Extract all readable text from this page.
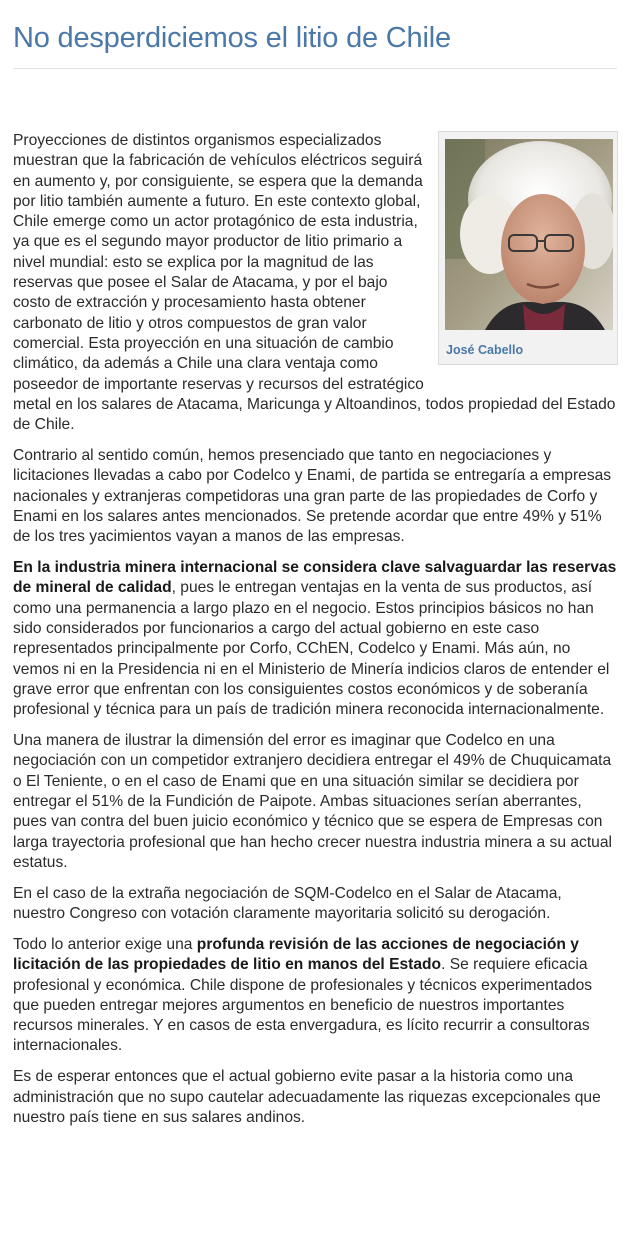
No desperdiciemos el litio de Chile
José Cabello

Proyecciones de distintos organismos especializados muestran que la fabricación de vehículos eléctricos seguirá en aumento y, por consiguiente, se espera que la demanda por litio también aumente a futuro. En este contexto global, Chile emerge como un actor protagónico de esta industria, ya que es el segundo mayor productor de litio primario a nivel mundial: esto se explica por la magnitud de las reservas que posee el Salar de Atacama, y por el bajo costo de extracción y procesamiento hasta obtener carbonato de litio y otros compuestos de gran valor comercial. Esta proyección en una situación de cambio climático, da además a Chile una clara ventaja como poseedor de importante reservas y recursos del estratégico metal en los salares de Atacama, Maricunga y Altoandinos, todos propiedad del Estado de Chile.

Contrario al sentido común, hemos presenciado que tanto en negociaciones y licitaciones llevadas a cabo por Codelco y Enami, de partida se entregaría a empresas nacionales y extranjeras competidoras una gran parte de las propiedades de Corfo y Enami en los salares antes mencionados. Se pretende acordar que entre 49% y 51% de los tres yacimientos vayan a manos de las empresas.

En la industria minera internacional se considera clave salvaguardar las reservas de mineral de calidad, pues le entregan ventajas en la venta de sus productos, así como una permanencia a largo plazo en el negocio. Estos principios básicos no han sido considerados por funcionarios a cargo del actual gobierno en este caso representados principalmente por Corfo, CChEN, Codelco y Enami. Más aún, no vemos ni en la Presidencia ni en el Ministerio de Minería indicios claros de entender el grave error que enfrentan con los consiguientes costos económicos y de soberanía profesional y técnica para un país de tradición minera reconocida internacionalmente.

Una manera de ilustrar la dimensión del error es imaginar que Codelco en una negociación con un competidor extranjero decidiera entregar el 49% de Chuquicamata o El Teniente, o en el caso de Enami que en una situación similar se decidiera por entregar el 51% de la Fundición de Paipote. Ambas situaciones serían aberrantes, pues van contra del buen juicio económico y técnico que se espera de Empresas con larga trayectoria profesional que han hecho crecer nuestra industria minera a su actual estatus.

En el caso de la extraña negociación de SQM-Codelco en el Salar de Atacama, nuestro Congreso con votación claramente mayoritaria solicitó su derogación.

Todo lo anterior exige una profunda revisión de las acciones de negociación y licitación de las propiedades de litio en manos del Estado. Se requiere eficacia profesional y económica. Chile dispone de profesionales y técnicos experimentados que pueden entregar mejores argumentos en beneficio de nuestros importantes recursos minerales. Y en casos de esta envergadura, es lícito recurrir a consultoras internacionales.

Es de esperar entonces que el actual gobierno evite pasar a la historia como una administración que no supo cautelar adecuadamente las riquezas excepcionales que nuestro país tiene en sus salares andinos.
